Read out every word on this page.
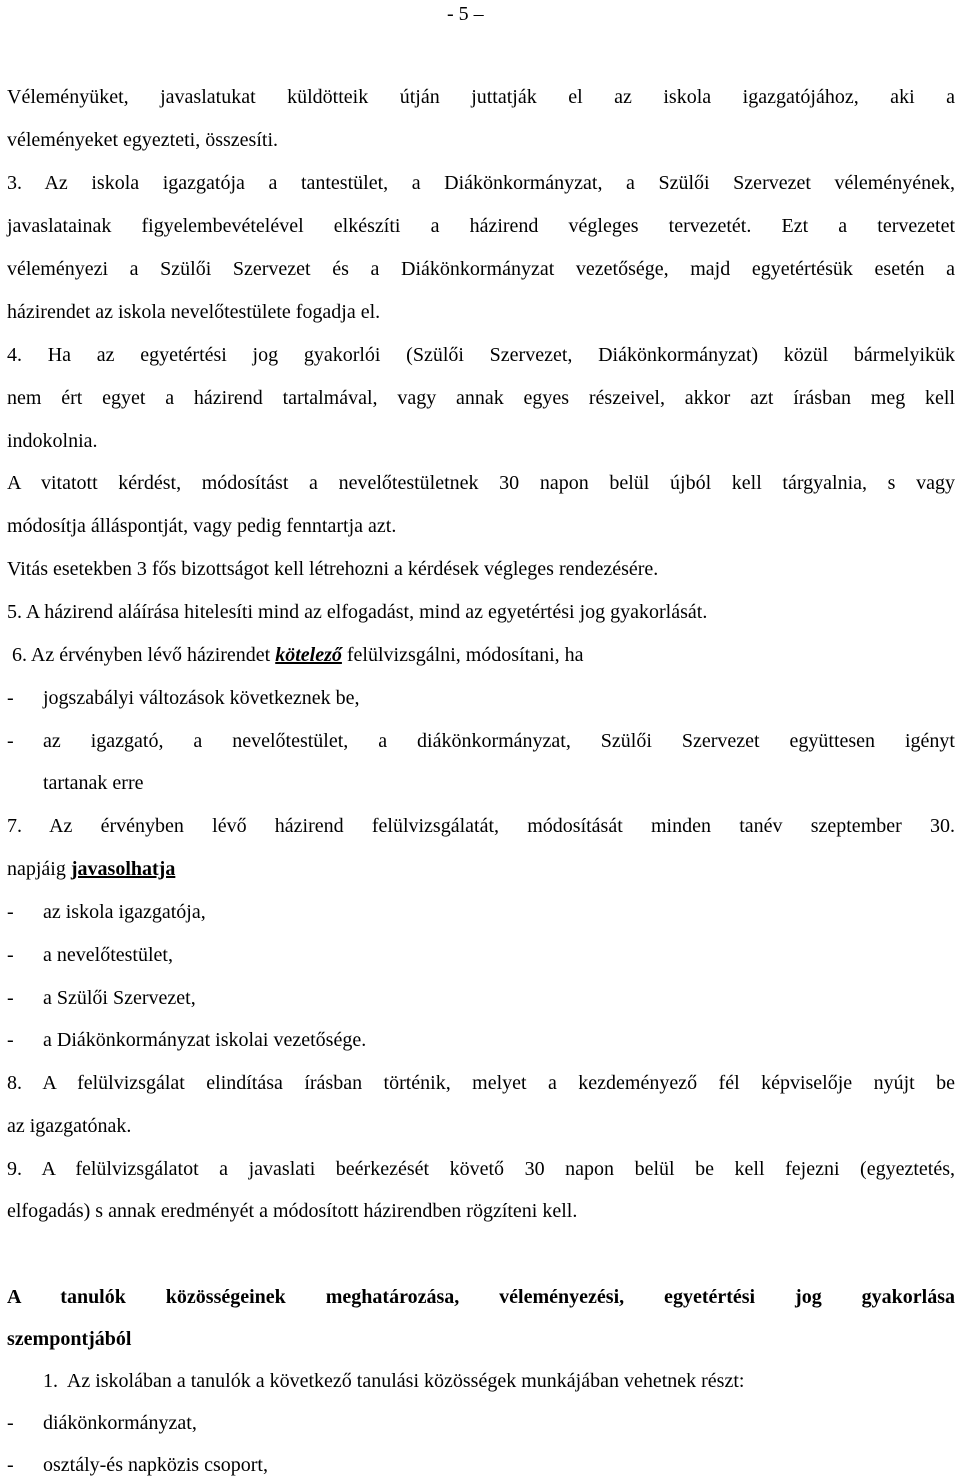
- 5 –
Véleményüket, javaslatukat küldötteik útján juttatják el az iskola igazgatójához, aki a
véleményeket egyezteti, összesíti.
3. Az iskola igazgatója a tantestület, a Diákönkormányzat, a Szülői Szervezet véleményének,
javaslatainak figyelembevételével elkészíti a házirend végleges tervezetét. Ezt a tervezetet
véleményezi a Szülői Szervezet és a Diákönkormányzat vezetősége, majd egyetértésük esetén a
házirendet az iskola nevelőtestülete fogadja el.
4. Ha az egyetértési jog gyakorlói (Szülői Szervezet, Diákönkormányzat) közül bármelyikük
nem ért egyet a házirend tartalmával, vagy annak egyes részeivel, akkor azt írásban meg kell
indokolnia.
A vitatott kérdést, módosítást a nevelőtestületnek 30 napon belül újból kell tárgyalnia, s vagy
módosítja álláspontját, vagy pedig fenntartja azt.
Vitás esetekben 3 fős bizottságot kell létrehozni a kérdések végleges rendezésére.
5. A házirend aláírása hitelesíti mind az elfogadást, mind az egyetértési jog gyakorlását.
6. Az érvényben lévő házirendet kötelező felülvizsgálni, módosítani, ha
- jogszabályi változások következnek be,
- az igazgató, a nevelőtestület, a diákönkormányzat, Szülői Szervezet együttesen igényt
tartanak erre
7. Az érvényben lévő házirend felülvizsgálatát, módosítását minden tanév szeptember 30.
napjáig javasolhatja
- az iskola igazgatója,
- a nevelőtestület,
- a Szülői Szervezet,
- a Diákönkormányzat iskolai vezetősége.
8. A felülvizsgálat elindítása írásban történik, melyet a kezdeményező fél képviselője nyújt be
az igazgatónak.
9. A felülvizsgálatot a javaslati beérkezését követő 30 napon belül be kell fejezni (egyeztetés,
elfogadás) s annak eredményét a módosított házirendben rögzíteni kell.
A tanulók közösségeinek meghatározása, véleményezési, egyetértési jog gyakorlása
szempontjából
1.  Az iskolában a tanulók a következő tanulási közösségek munkájában vehetnek részt:
- diákönkormányzat,
- osztály-és napközis csoport,
